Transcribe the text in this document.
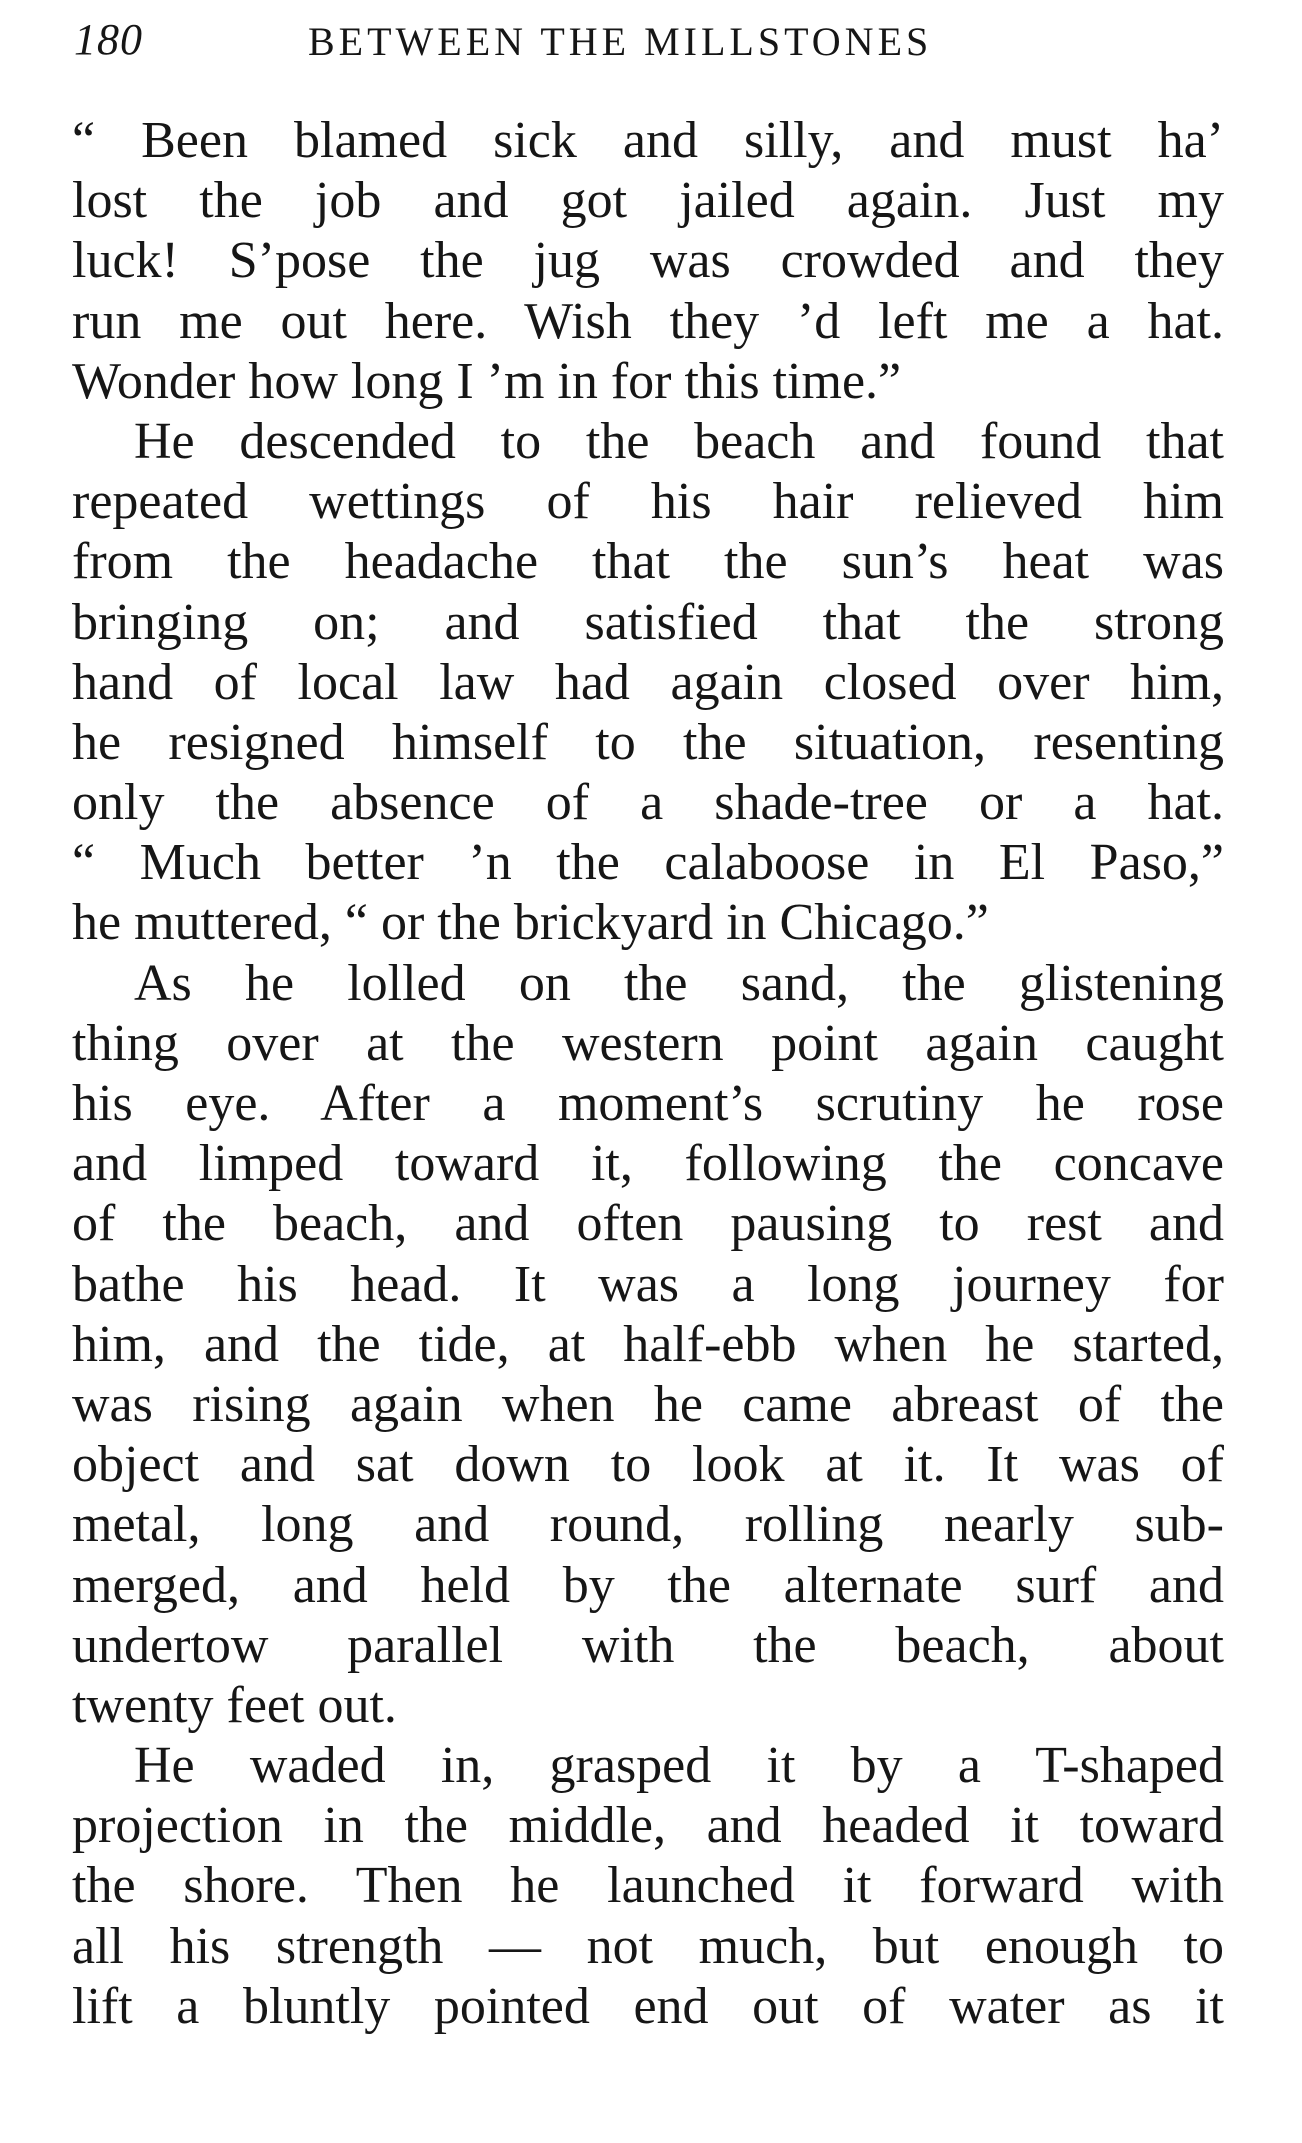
180	BETWEEN THE MILLSTONES
“ Been blamed sick and silly, and must ha’
lost the job and got jailed again. Just my
luck! S’pose the jug was crowded and they
run me out here. Wish they ’d left me a hat.
Wonder how long I ’m in for this time.”
He descended to the beach and found that
repeated wettings of his hair relieved him
from the headache that the sun’s heat was
bringing on; and satisfied that the strong
hand of local law had again closed over him,
he resigned himself to the situation, resenting
only the absence of a shade-tree or a hat.
“ Much better ’n the calaboose in El Paso,”
he muttered, “ or the brickyard in Chicago.”
As he lolled on the sand, the glistening
thing over at the western point again caught
his eye. After a moment’s scrutiny he rose
and limped toward it, following the concave
of the beach, and often pausing to rest and
bathe his head. It was a long journey for
him, and the tide, at half-ebb when he started,
was rising again when he came abreast of the
object and sat down to look at it. It was of
metal, long and round, rolling nearly sub-
merged, and held by the alternate surf and
undertow parallel with the beach, about
twenty feet out.
He waded in, grasped it by a T-shaped
projection in the middle, and headed it toward
the shore. Then he launched it forward with
all his strength — not much, but enough to
lift a bluntly pointed end out of water as it
